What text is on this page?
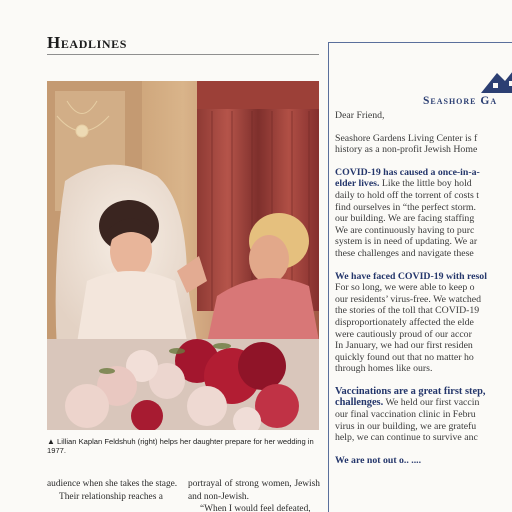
Headlines
▲ Lillian Kaplan Feldshuh (right) helps her daughter prepare for her wedding in 1977.

audience when she takes the stage.

Their relationship reaches a

portrayal of strong women, Jewish and non-Jewish.

“When I would feel defeated,

Seashore Ga
Dear Friend,
Seashore Gardens Living Center is f
history as a non-profit Jewish Home
COVID-19 has caused a once-in-a-
elder lives. Like the little boy hold
daily to hold off the torrent of costs t
find ourselves in “the perfect storm.
our building. We are facing staffing
We are continuously having to purc
system is in need of updating. We ar
these challenges and navigate these
We have faced COVID-19 with resol
For so long, we were able to keep o
our residents’ virus-free. We watched
the stories of the toll that COVID-19
disproportionately affected the elde
were cautiously proud of our accor
In January, we had our first residen
quickly found out that no matter ho
through homes like ours.
Vaccinations are a great first step,
challenges. We held our first vaccin
our final vaccination clinic in Febru
virus in our building, we are gratefu
help, we can continue to survive anc
We are not out o.. ....
